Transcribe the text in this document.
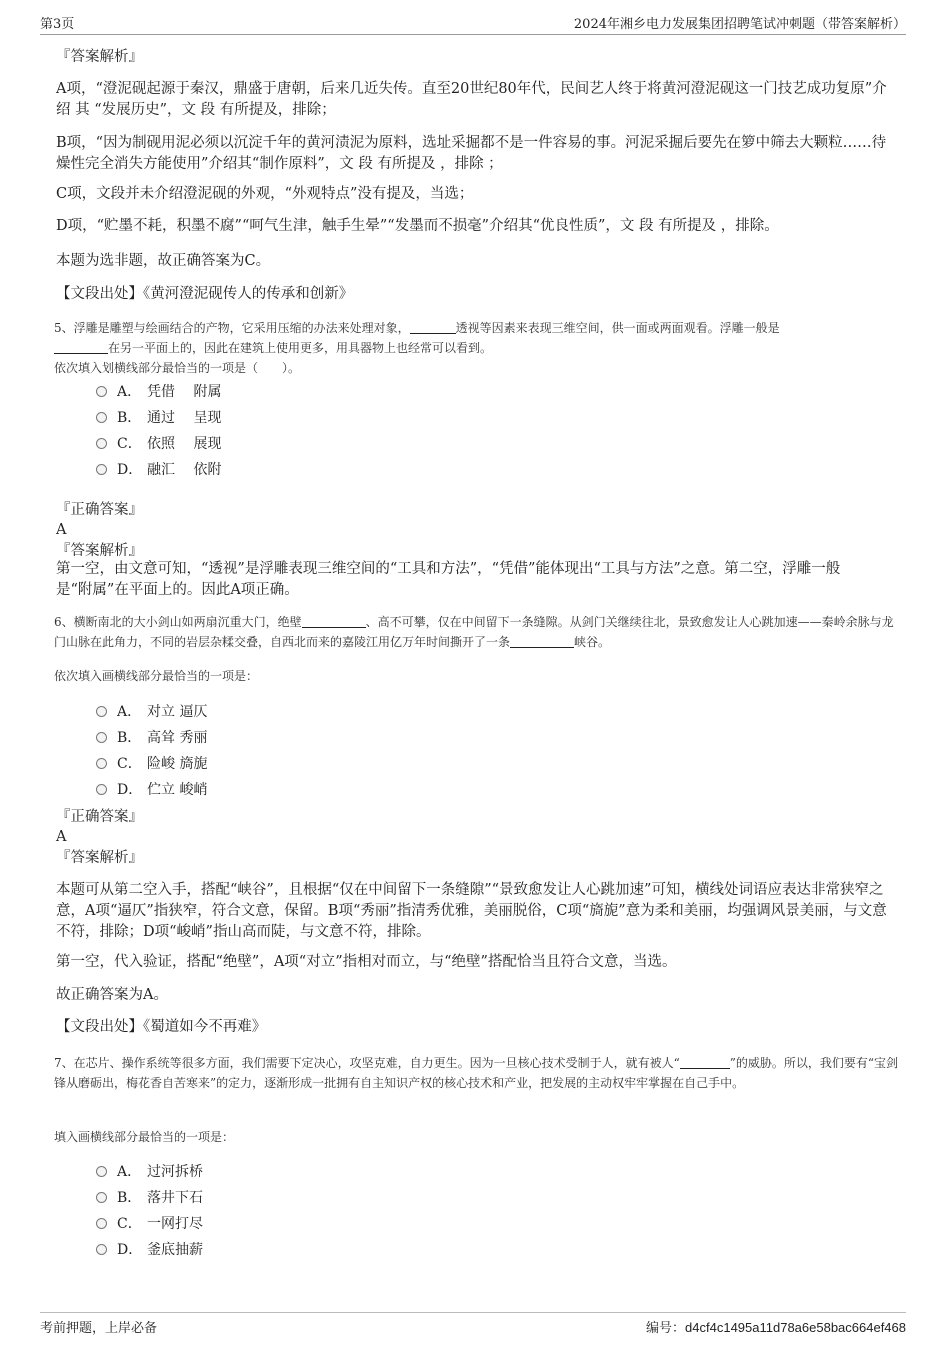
第3页	2024年湘乡电力发展集团招聘笔试冲刺题（带答案解析）
『答案解析』
A项，“澄泥砚起源于秦汉，鼎盛于唐朝，后来几近失传。直至20世纪80年代，民间艺人终于将黄河澄泥砚这一门技艺成功复原”介绍 其 “发展历史”，文 段 有所提及，排除；
B项，“因为制砚用泥必须以沉淀千年的黄河渍泥为原料，选址采掘都不是一件容易的事。河泥采掘后要先在箩中筛去大颗粒……待燥性完全消失方能使用”介绍其“制作原料”，文 段 有所提及 ，排除 ；
C项，文段并未介绍澄泥砚的外观，“外观特点”没有提及，当选；
D项，“贮墨不耗，积墨不腐”“呵气生津，触手生晕”“发墨而不损毫”介绍其“优良性质”，文 段 有所提及 ，排除。
本题为选非题，故正确答案为C。
【文段出处】《黄河澄泥砚传人的传承和创新》
5、浮雕是雕塑与绘画结合的产物，它采用压缩的办法来处理对象，	透视等因素来表现三维空间，供一面或两面观看。浮雕一般是
在另一平面上的，因此在建筑上使用更多，用具器物上也经常可以看到。
依次填入划横线部分最恰当的一项是（　　）。
A． 凭借　 附属
B． 通过　 呈现
C． 依照　 展现
D． 融汇　 依附
『正确答案』
A
『答案解析』
第一空，由文意可知，“透视”是浮雕表现三维空间的“工具和方法”，“凭借”能体现出“工具与方法”之意。第二空，浮雕一般是“附属”在平面上的。因此A项正确。
6、横断南北的大小剑山如两扇沉重大门，绝壁	、高不可攀，仅在中间留下一条缝隙。从剑门关继续往北，景致愈发让人心跳加速——秦岭余脉与龙门山脉在此角力，不同的岩层杂糅交叠，自西北而来的嘉陵江用亿万年时间撕开了一条	峡谷。
依次填入画横线部分最恰当的一项是：
A． 对立 逼仄
B． 高耸 秀丽
C． 险峻 旖旎
D． 伫立 峻峭
『正确答案』
A
『答案解析』
本题可从第二空入手，搭配“峡谷”，且根据“仅在中间留下一条缝隙”“景致愈发让人心跳加速”可知，横线处词语应表达非常狭窄之意，A项“逼仄”指狭窄，符合文意，保留。B项“秀丽”指清秀优雅，美丽脱俗，C项“旖旎”意为柔和美丽，均强调风景美丽，与文意不符，排除；D项“峻峭”指山高而陡，与文意不符，排除。
第一空，代入验证，搭配“绝壁”，A项“对立”指相对而立，与“绝壁”搭配恰当且符合文意，当选。
故正确答案为A。
【文段出处】《蜀道如今不再难》
7、在芯片、操作系统等很多方面，我们需要下定决心，攻坚克难，自力更生。因为一旦核心技术受制于人，就有被人“	”的威胁。所以，我们要有“宝剑锋从磨砺出，梅花香自苦寒来”的定力，逐渐形成一批拥有自主知识产权的核心技术和产业，把发展的主动权牢牢掌握在自己手中。
填入画横线部分最恰当的一项是：
A． 过河拆桥
B． 落井下石
C． 一网打尽
D． 釜底抽薪
考前押题，上岸必备	编号：d4cf4c1495a11d78a6e58bac664ef468
